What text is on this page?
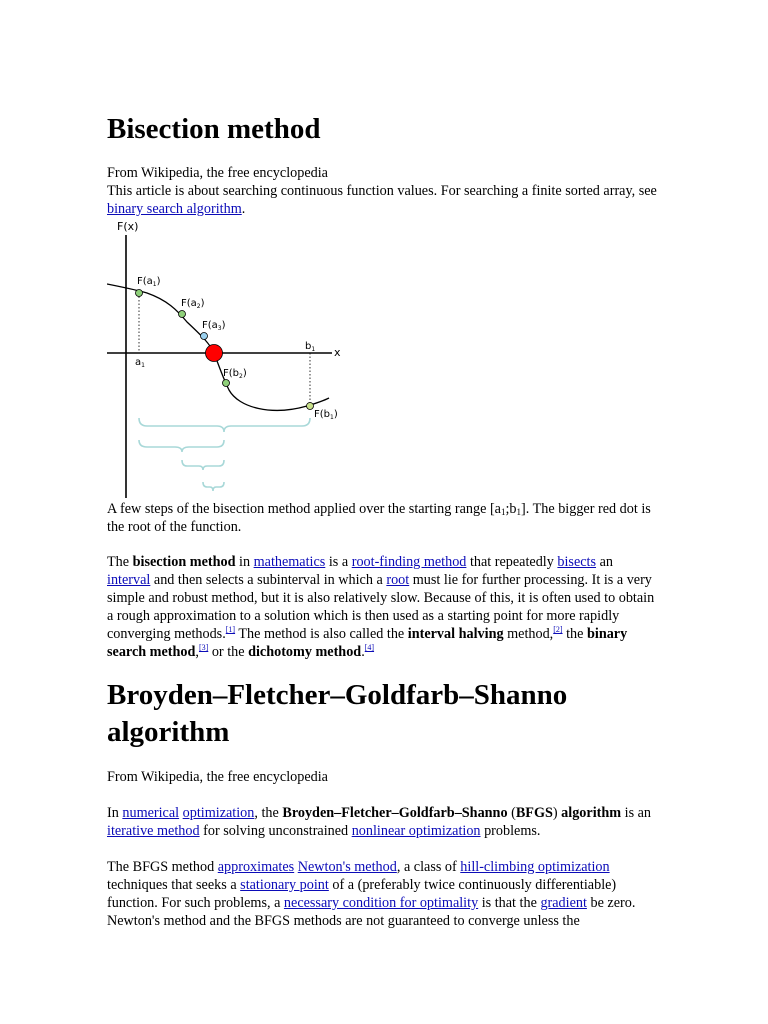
Bisection method

From Wikipedia, the free encyclopedia

This article is about searching continuous function values. For searching a finite sorted array, see binary search algorithm.

F(x)
x
$F(a_1)$
$F(a_2)$
$F(a_3)$
$F(b_2)$
$F(b_1)$
$a_1$
$b_1$

A few steps of the bisection method applied over the starting range $[a_1;b_1]$. The bigger red dot is the root of the function.

The bisection method in mathematics is a root-finding method that repeatedly bisects an interval and then selects a subinterval in which a root must lie for further processing. It is a very simple and robust method, but it is also relatively slow. Because of this, it is often used to obtain a rough approximation to a solution which is then used as a starting point for more rapidly converging methods.[1] The method is also called the interval halving method,[2] the binary search method,[3] or the dichotomy method.[4]

Broyden–Fletcher–Goldfarb–Shanno algorithm

From Wikipedia, the free encyclopedia

In numerical optimization, the Broyden–Fletcher–Goldfarb–Shanno (BFGS) algorithm is an iterative method for solving unconstrained nonlinear optimization problems.

The BFGS method approximates Newton's method, a class of hill-climbing optimization techniques that seeks a stationary point of a (preferably twice continuously differentiable) function. For such problems, a necessary condition for optimality is that the gradient be zero. Newton's method and the BFGS methods are not guaranteed to converge unless the
